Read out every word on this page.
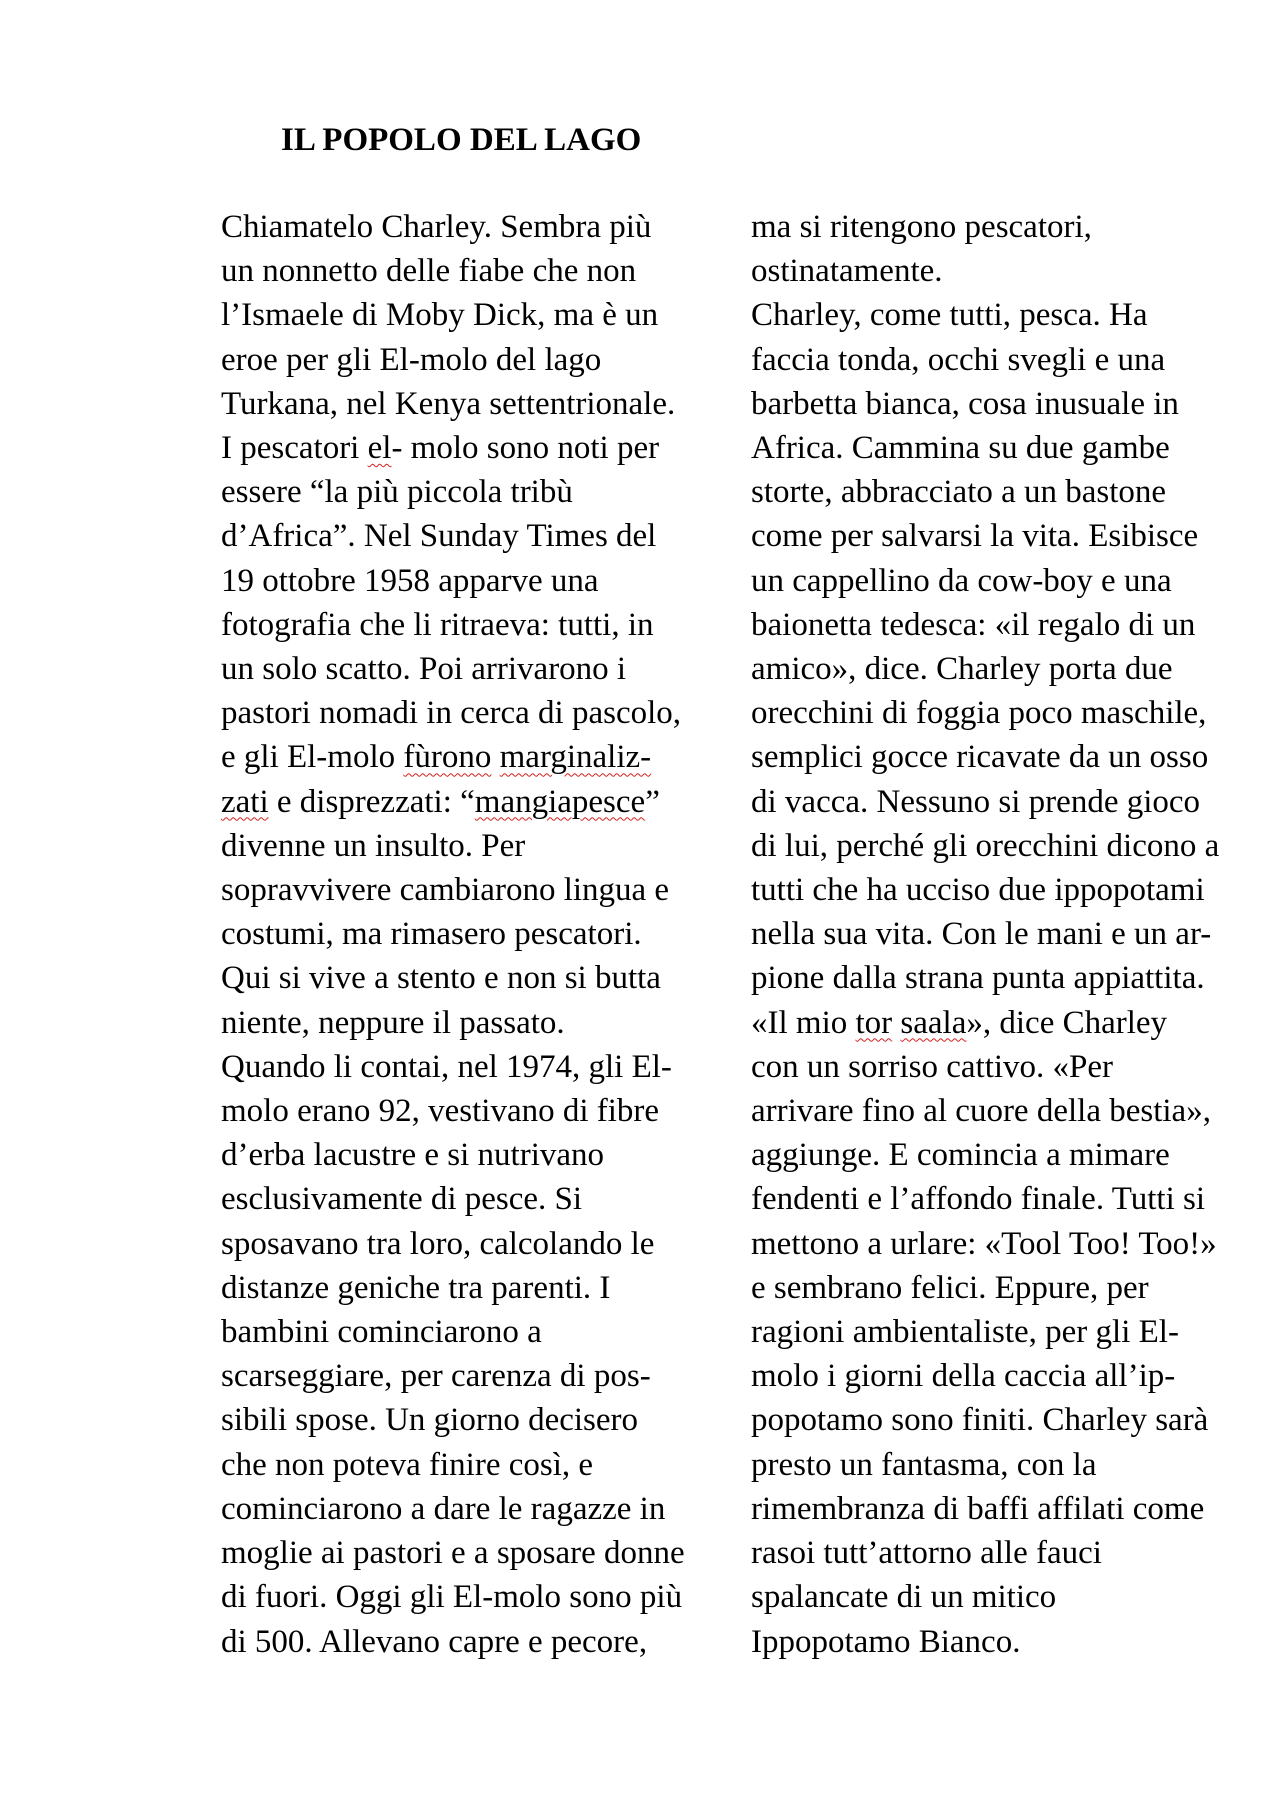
IL POPOLO DEL LAGO
Chiamatelo Charley. Sembra più
un nonnetto delle fiabe che non
l’Ismaele di Moby Dick, ma è un
eroe per gli El-molo del lago
Turkana, nel Kenya settentrionale.
I pescatori el- molo sono noti per
essere “la più piccola tribù
d’Africa”. Nel Sunday Times del
19 ottobre 1958 apparve una
fotografia che li ritraeva: tutti, in
un solo scatto. Poi arrivarono i
pastori nomadi in cerca di pascolo,
e gli El-molo fùrono marginaliz-
zati e disprezzati: “mangiapesce”
divenne un insulto. Per
sopravvivere cambiarono lingua e
costumi, ma rimasero pescatori.
Qui si vive a stento e non si butta
niente, neppure il passato.
Quando li contai, nel 1974, gli El-
molo erano 92, vestivano di fibre
d’erba lacustre e si nutrivano
esclusivamente di pesce. Si
sposavano tra loro, calcolando le
distanze geniche tra parenti. I
bambini cominciarono a
scarseggiare, per carenza di pos-
sibili spose. Un giorno decisero
che non poteva finire così, e
cominciarono a dare le ragazze in
moglie ai pastori e a sposare donne
di fuori. Oggi gli El-molo sono più
di 500. Allevano capre e pecore,
ma si ritengono pescatori,
ostinatamente.
Charley, come tutti, pesca. Ha
faccia tonda, occhi svegli e una
barbetta bianca, cosa inusuale in
Africa. Cammina su due gambe
storte, abbracciato a un bastone
come per salvarsi la vita. Esibisce
un cappellino da cow-boy e una
baionetta tedesca: «il regalo di un
amico», dice. Charley porta due
orecchini di foggia poco maschile,
semplici gocce ricavate da un osso
di vacca. Nessuno si prende gioco
di lui, perché gli orecchini dicono a
tutti che ha ucciso due ippopotami
nella sua vita. Con le mani e un ar-
pione dalla strana punta appiattita.
«Il mio tor saala», dice Charley
con un sorriso cattivo. «Per
arrivare fino al cuore della bestia»,
aggiunge. E comincia a mimare
fendenti e l’affondo finale. Tutti si
mettono a urlare: «Tool Too! Too!»
e sembrano felici. Eppure, per
ragioni ambientaliste, per gli El-
molo i giorni della caccia all’ip-
popotamo sono finiti. Charley sarà
presto un fantasma, con la
rimembranza di baffi affilati come
rasoi tutt’attorno alle fauci
spalancate di un mitico
Ippopotamo Bianco.
